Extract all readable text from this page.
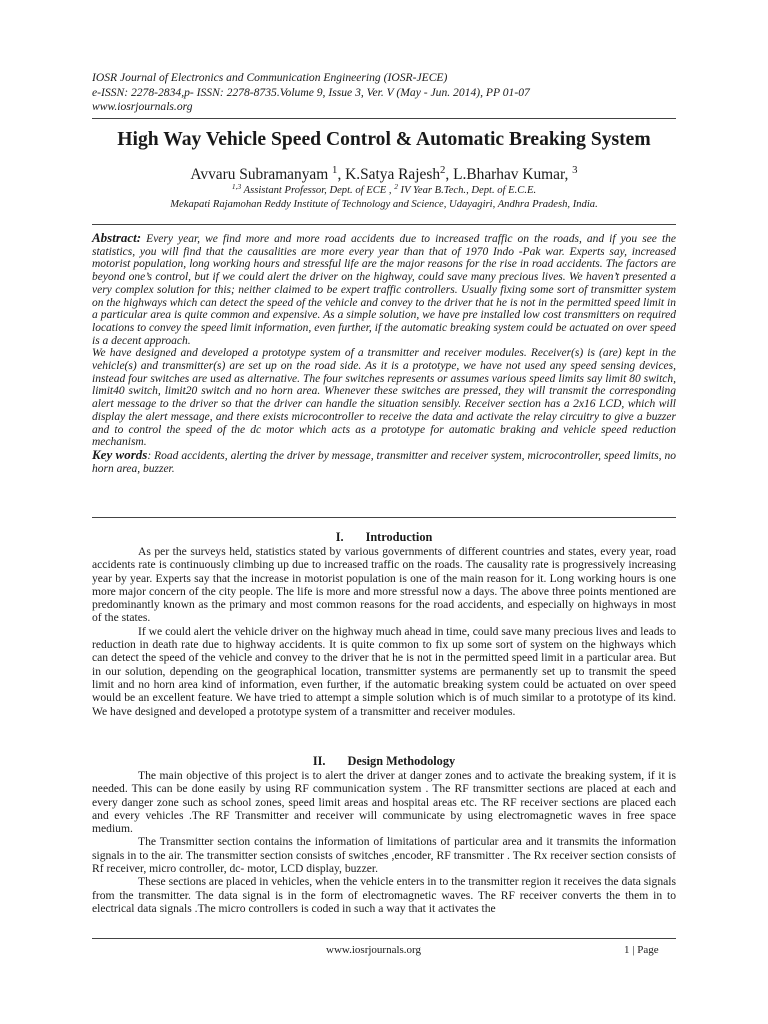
IOSR Journal of Electronics and Communication Engineering (IOSR-JECE)
e-ISSN: 2278-2834,p- ISSN: 2278-8735.Volume 9, Issue 3, Ver. V (May - Jun. 2014), PP 01-07
www.iosrjournals.org
High Way Vehicle Speed Control & Automatic Breaking System
Avvaru Subramanyam $^1$, K.Satya Rajesh$^2$, L.Bharhav Kumar, $^3$
$^{1,3}$ Assistant Professor, Dept. of ECE , $^2$ IV Year B.Tech., Dept. of E.C.E.
Mekapati Rajamohan Reddy Institute of Technology and Science, Udayagiri, Andhra Pradesh, India.

Abstract: Every year, we find more and more road accidents due to increased traffic on the roads, and if you see the statistics, you will find that the causalities are more every year than that of 1970 Indo -Pak war. Experts say, increased motorist population, long working hours and stressful life are the major reasons for the rise in road accidents. The factors are beyond one’s control, but if we could alert the driver on the highway, could save many precious lives. We haven’t presented a very complex solution for this; neither claimed to be expert traffic controllers. Usually fixing some sort of transmitter system on the highways which can detect the speed of the vehicle and convey to the driver that he is not in the permitted speed limit in a particular area is quite common and expensive. As a simple solution, we have pre installed low cost transmitters on required locations to convey the speed limit information, even further, if the automatic breaking system could be actuated on over speed is a decent approach.

We have designed and developed a prototype system of a transmitter and receiver modules. Receiver(s) is (are) kept in the vehicle(s) and transmitter(s) are set up on the road side. As it is a prototype, we have not used any speed sensing devices, instead four switches are used as alternative. The four switches represents or assumes various speed limits say limit 80 switch, limit40 switch, limit20 switch and no horn area. Whenever these switches are pressed, they will transmit the corresponding alert message to the driver so that the driver can handle the situation sensibly. Receiver section has a 2x16 LCD, which will display the alert message, and there exists microcontroller to receive the data and activate the relay circuitry to give a buzzer and to control the speed of the dc motor which acts as a prototype for automatic braking and vehicle speed reduction mechanism.

Key words: Road accidents, alerting the driver by message, transmitter and receiver system, microcontroller, speed limits, no horn area, buzzer.

I. Introduction

As per the surveys held, statistics stated by various governments of different countries and states, every year, road accidents rate is continuously climbing up due to increased traffic on the roads. The causality rate is progressively increasing year by year. Experts say that the increase in motorist population is one of the main reason for it. Long working hours is one more major concern of the city people. The life is more and more stressful now a days. The above three points mentioned are predominantly known as the primary and most common reasons for the road accidents, and especially on highways in most of the states.

If we could alert the vehicle driver on the highway much ahead in time, could save many precious lives and leads to reduction in death rate due to highway accidents. It is quite common to fix up some sort of system on the highways which can detect the speed of the vehicle and convey to the driver that he is not in the permitted speed limit in a particular area. But in our solution, depending on the geographical location, transmitter systems are permanently set up to transmit the speed limit and no horn area kind of information, even further, if the automatic breaking system could be actuated on over speed would be an excellent feature. We have tried to attempt a simple solution which is of much similar to a prototype of its kind. We have designed and developed a prototype system of a transmitter and receiver modules.

II. Design Methodology

The main objective of this project is to alert the driver at danger zones and to activate the breaking system, if it is needed. This can be done easily by using RF communication system . The RF transmitter sections are placed at each and every danger zone such as school zones, speed limit areas and hospital areas etc. The RF receiver sections are placed each and every vehicles .The RF Transmitter and receiver will communicate by using electromagnetic waves in free space medium.

The Transmitter section contains the information of limitations of particular area and it transmits the information signals in to the air. The transmitter section consists of switches ,encoder, RF transmitter . The Rx receiver section consists of Rf receiver, micro controller, dc- motor, LCD display, buzzer.

These sections are placed in vehicles, when the vehicle enters in to the transmitter region it receives the data signals from the transmitter. The data signal is in the form of electromagnetic waves. The RF receiver converts the them in to electrical data signals .The micro controllers is coded in such a way that it activates the

www.iosrjournals.org	1 | Page
